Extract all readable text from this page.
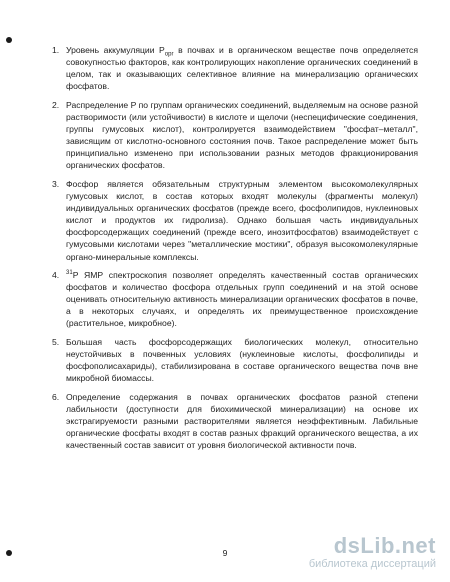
1. Уровень аккумуляции $P_{орг}$ в почвах и в органическом веществе почв определяется совокупностью факторов, как контролирующих накопление органических соединений в целом, так и оказывающих селективное влияние на минерализацию органических фосфатов.

2. Распределение P по группам органических соединений, выделяемым на основе разной растворимости (или устойчивости) в кислоте и щелочи (неспецифические соединения, группы гумусовых кислот), контролируется взаимодействием "фосфат–металл", зависящим от кислотно-основного состояния почв. Такое распределение может быть принципиально изменено при использовании разных методов фракционирования органических фосфатов.

3. Фосфор является обязательным структурным элементом высокомолекулярных гумусовых кислот, в состав которых входят молекулы (фрагменты молекул) индивидуальных органических фосфатов (прежде всего, фосфолипидов, нуклеиновых кислот и продуктов их гидролиза). Однако большая часть индивидуальных фосфорсодержащих соединений (прежде всего, инозитфосфатов) взаимодействует с гумусовыми кислотами через "металлические мостики", образуя высокомолекулярные органо-минеральные комплексы.

4. $^{31}$P ЯМР спектроскопия позволяет определять качественный состав органических фосфатов и количество фосфора отдельных групп соединений и на этой основе оценивать относительную активность минерализации органических фосфатов в почве, а в некоторых случаях, и определять их преимущественное происхождение (растительное, микробное).

5. Большая часть фосфорсодержащих биологических молекул, относительно неустойчивых в почвенных условиях (нуклеиновые кислоты, фосфолипиды и фосфополисахариды), стабилизирована в составе органического вещества почв вне микробной биомассы.

6. Определение содержания в почвах органических фосфатов разной степени лабильности (доступности для биохимической минерализации) на основе их экстрагируемости разными растворителями является неэффективным. Лабильные органические фосфаты входят в состав разных фракций органического вещества, а их качественный состав зависит от уровня биологической активности почв.

9	dsLib.net
библиотека диссертаций
